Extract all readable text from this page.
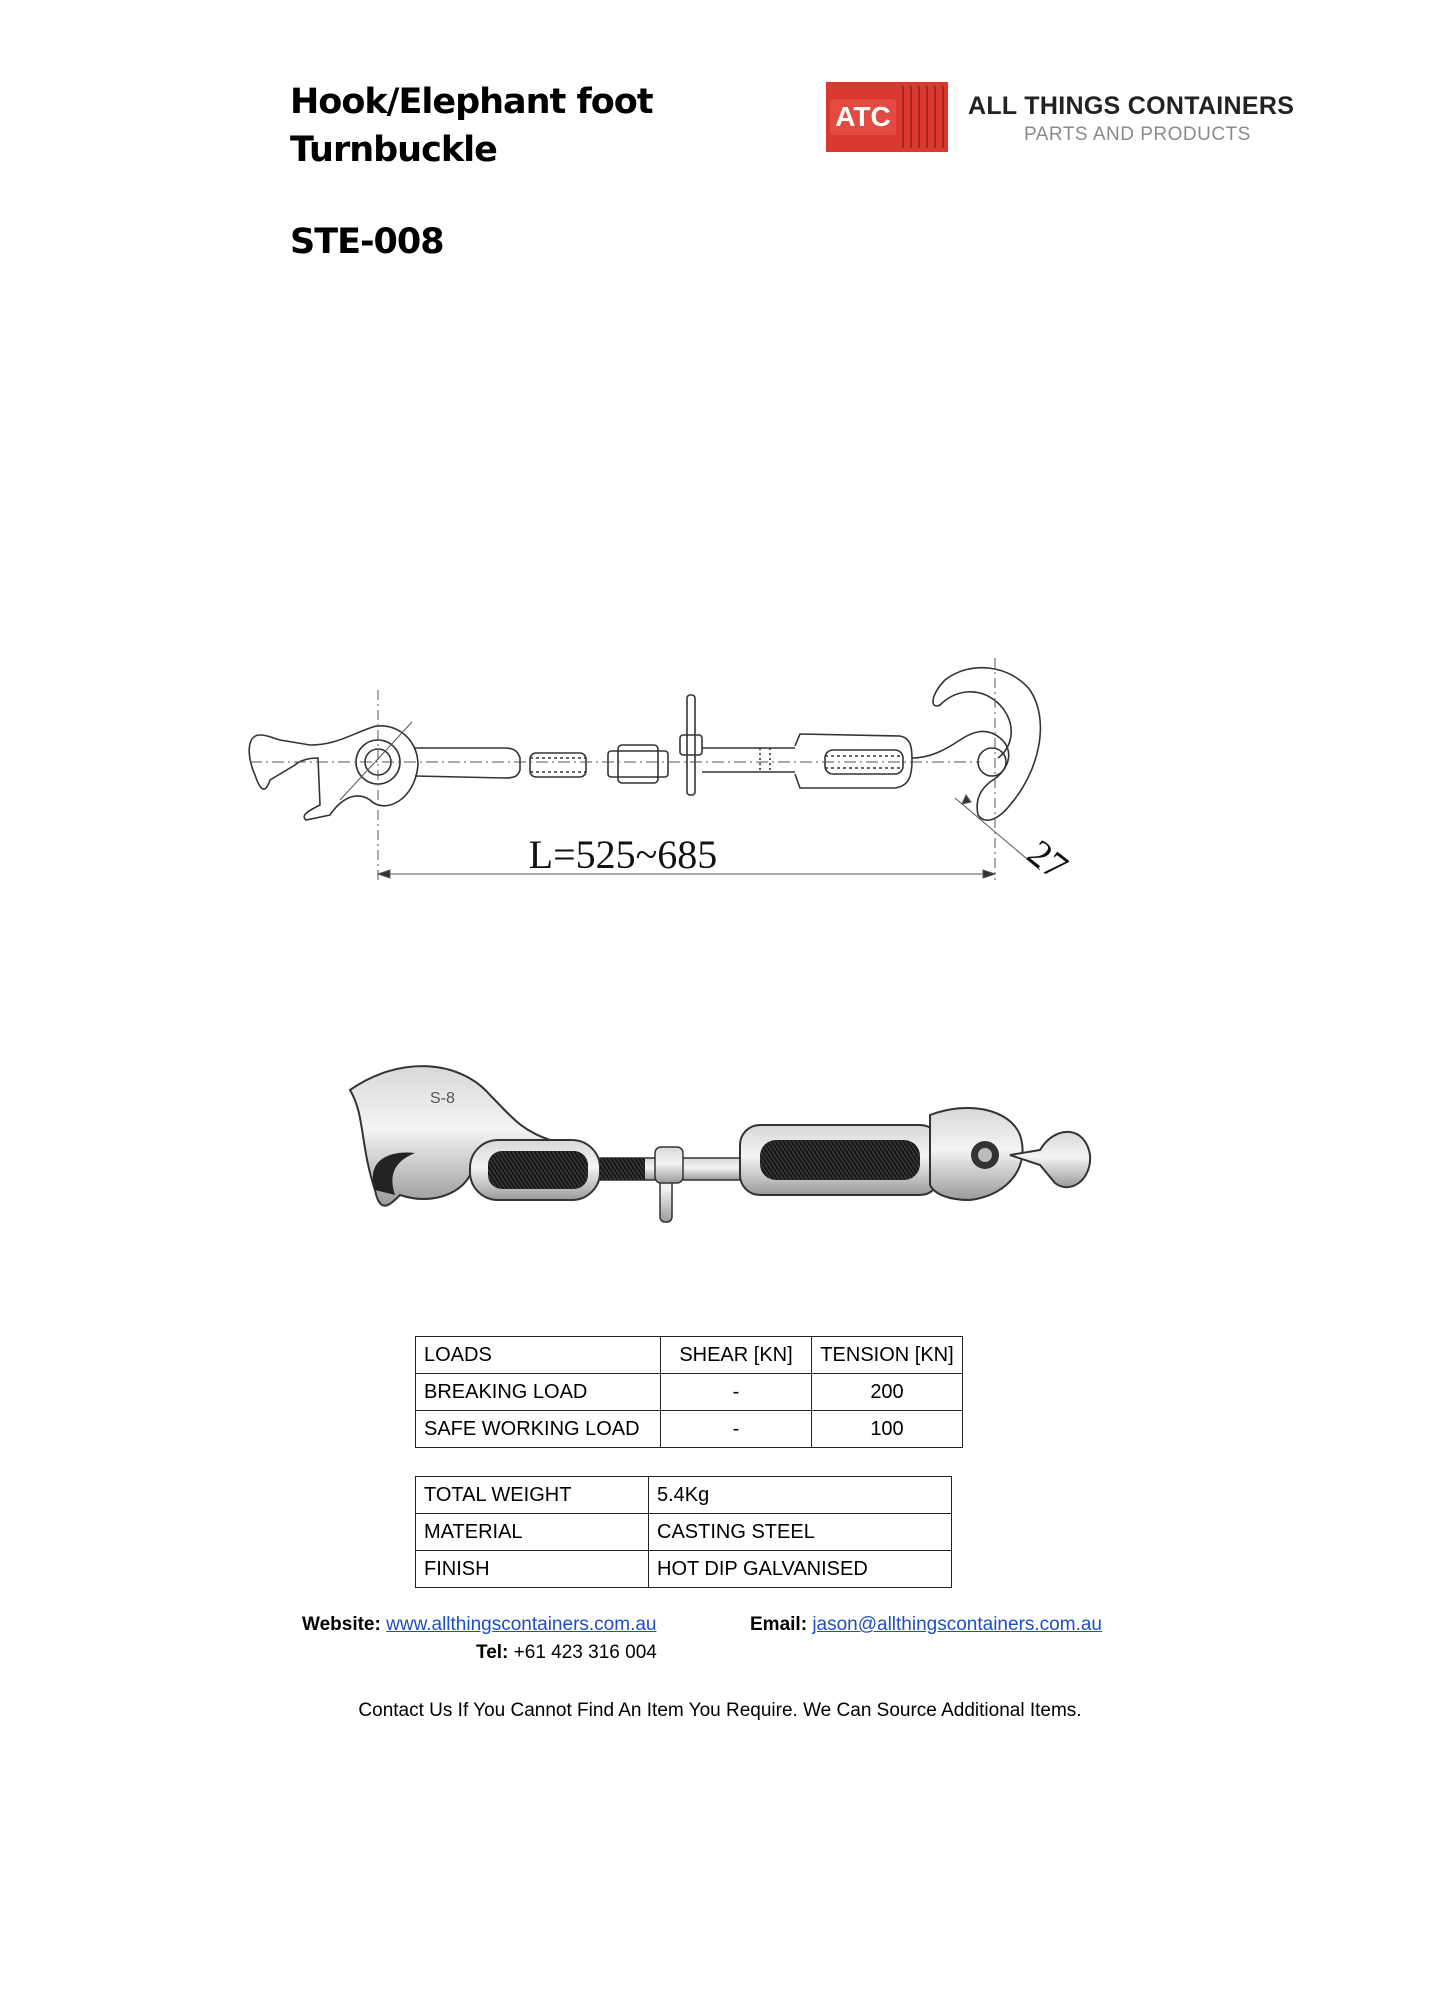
Hook/Elephant foot
Turnbuckle
STE-008
ATC	ALL THINGS CONTAINERS
PARTS AND PRODUCTS
L=525~685	27
S-8
LOADS	SHEAR [KN]	TENSION [KN]
BREAKING LOAD	-	200
SAFE WORKING LOAD	-	100
TOTAL WEIGHT	5.4Kg
MATERIAL	CASTING STEEL
FINISH	HOT DIP GALVANISED
Website: www.allthingscontainers.com.au	Email: jason@allthingscontainers.com.au
Tel: +61 423 316 004
Contact Us If You Cannot Find An Item You Require. We Can Source Additional Items.
